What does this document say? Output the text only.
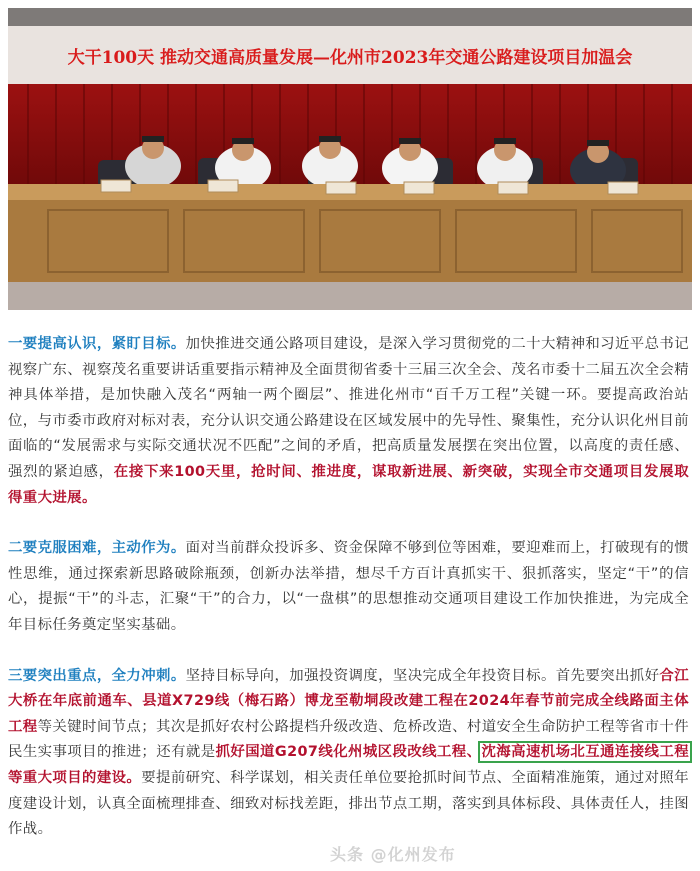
大干100天 推动交通高质量发展—化州市2023年交通公路建设项目加温会

一要提高认识，紧盯目标。加快推进交通公路项目建设，是深入学习贯彻党的二十大精神和习近平总书记视察广东、视察茂名重要讲话重要指示精神及全面贯彻省委十三届三次全会、茂名市委十二届五次全会精神具体举措，是加快融入茂名“两轴一两个圈层”、推进化州市“百千万工程”关键一环。要提高政治站位，与市委市政府对标对表，充分认识交通公路建设在区域发展中的先导性、聚集性，充分认识化州目前面临的“发展需求与实际交通状况不匹配”之间的矛盾，把高质量发展摆在突出位置，以高度的责任感、强烈的紧迫感，在接下来100天里，抢时间、推进度，谋取新进展、新突破，实现全市交通项目发展取得重大进展。

二要克服困难，主动作为。面对当前群众投诉多、资金保障不够到位等困难，要迎难而上，打破现有的惯性思维，通过探索新思路破除瓶颈，创新办法举措，想尽千方百计真抓实干、狠抓落实，坚定“干”的信心，提振“干”的斗志，汇聚“干”的合力，以“一盘棋”的思想推动交通项目建设工作加快推进，为完成全年目标任务奠定坚实基础。

三要突出重点，全力冲刺。坚持目标导向，加强投资调度，坚决完成全年投资目标。首先要突出抓好合江大桥在年底前通车、县道X729线（梅石路）博龙至勒垌段改建工程在2024年春节前完成全线路面主体工程等关键时间节点；其次是抓好农村公路提档升级改造、危桥改造、村道安全生命防护工程等省市十件民生实事项目的推进；还有就是抓好国道G207线化州城区段改线工程、沈海高速机场北互通连接线工程等重大项目的建设。要提前研究、科学谋划，相关责任单位要抢抓时间节点、全面精准施策，通过对照年度建设计划，认真全面梳理排查、细致对标找差距，排出节点工期，落实到具体标段、具体责任人，挂图作战。

头条 @化州发布
